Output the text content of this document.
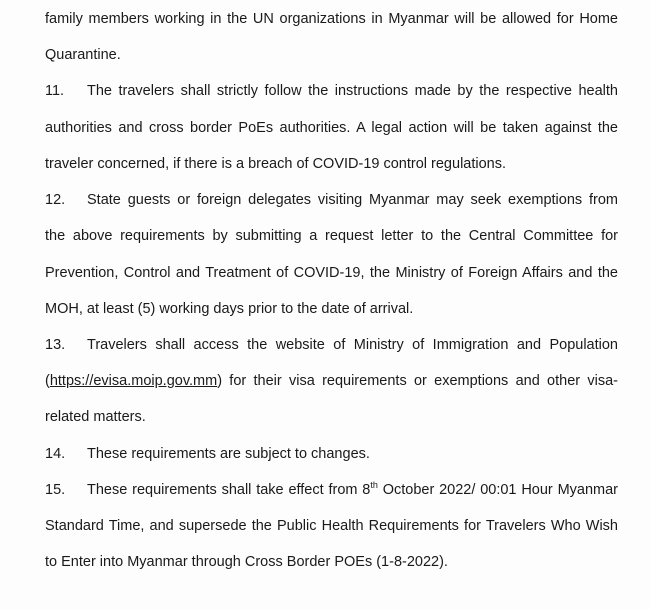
family members working in the UN organizations in Myanmar will be allowed for Home
Quarantine.
11. The travelers shall strictly follow the instructions made by the respective health
authorities and cross border PoEs authorities. A legal action will be taken against the
traveler concerned, if there is a breach of COVID-19 control regulations.
12. State guests or foreign delegates visiting Myanmar may seek exemptions from
the above requirements by submitting a request letter to the Central Committee for
Prevention, Control and Treatment of COVID-19, the Ministry of Foreign Affairs and the
MOH, at least (5) working days prior to the date of arrival.
13. Travelers shall access the website of Ministry of Immigration and Population
(https://evisa.moip.gov.mm) for their visa requirements or exemptions and other visa-
related matters.
14. These requirements are subject to changes.
15. These requirements shall take effect from 8th October 2022/ 00:01 Hour Myanmar
Standard Time, and supersede the Public Health Requirements for Travelers Who Wish
to Enter into Myanmar through Cross Border POEs (1-8-2022).
